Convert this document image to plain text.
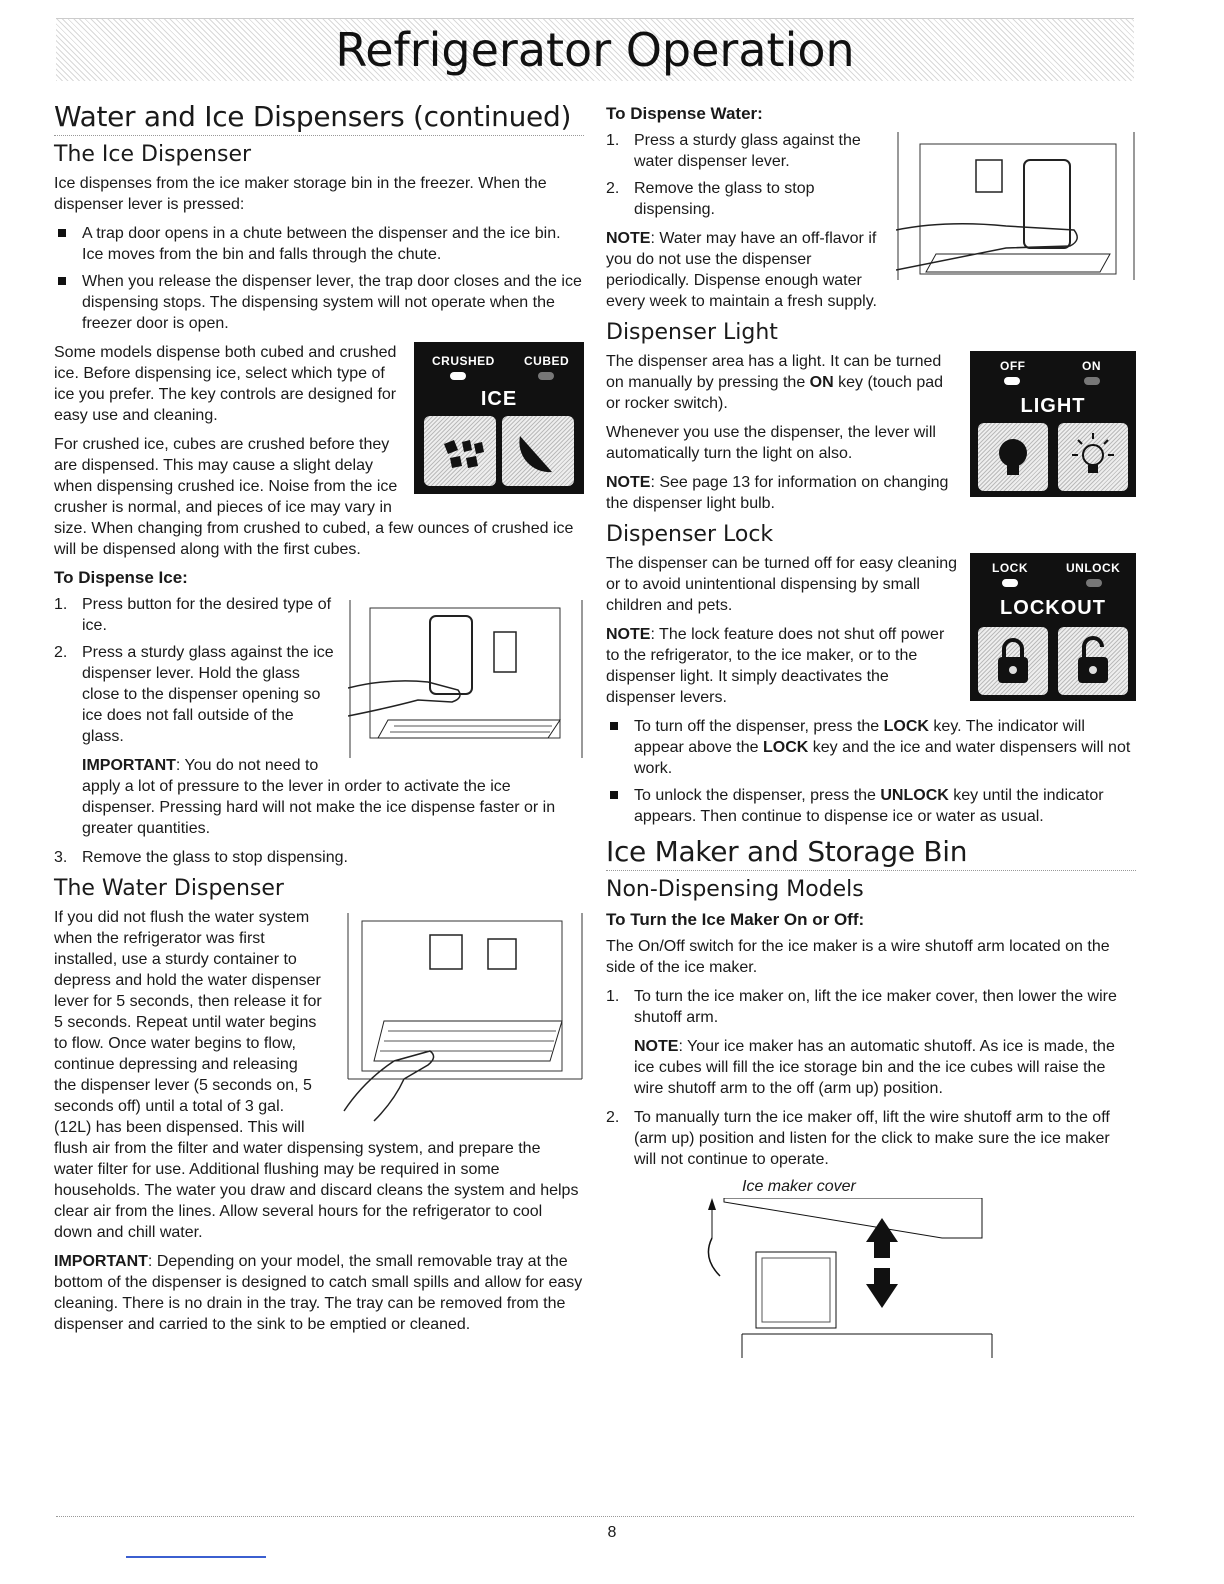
Refrigerator Operation
Water and Ice Dispensers (continued)
The Ice Dispenser

Ice dispenses from the ice maker storage bin in the freezer. When the dispenser lever is pressed:

A trap door opens in a chute between the dispenser and the ice bin. Ice moves from the bin and falls through the chute.
When you release the dispenser lever, the trap door closes and the ice dispensing stops. The dispensing system will not operate when the freezer door is open.
CRUSHED CUBED
ICE

Some models dispense both cubed and crushed ice. Before dispensing ice, select which type of ice you prefer. The key controls are designed for easy use and cleaning.

For crushed ice, cubes are crushed before they are dispensed. This may cause a slight delay when dispensing crushed ice. Noise from the ice crusher is normal, and pieces of ice may vary in size. When changing from crushed to cubed, a few ounces of crushed ice will be dispensed along with the first cubes.

To Dispense Ice:
1. Press button for the desired type of ice.
2. Press a sturdy glass against the ice dispenser lever. Hold the glass close to the dispenser opening so ice does not fall outside of the glass.

IMPORTANT: You do not need to apply a lot of pressure to the lever in order to activate the ice dispenser. Pressing hard will not make the ice dispense faster or in greater quantities.

3. Remove the glass to stop dispensing.
The Water Dispenser

If you did not flush the water system when the refrigerator was first installed, use a sturdy container to depress and hold the water dispenser lever for 5 seconds, then release it for 5 seconds. Repeat until water begins to flow. Once water begins to flow, continue depressing and releasing the dispenser lever (5 seconds on, 5 seconds off) until a total of 3 gal. (12L) has been dispensed. This will flush air from the filter and water dispensing system, and prepare the water filter for use. Additional flushing may be required in some households. The water you draw and discard cleans the system and helps clear air from the lines. Allow several hours for the refrigerator to cool down and chill water.

IMPORTANT: Depending on your model, the small removable tray at the bottom of the dispenser is designed to catch small spills and allow for easy cleaning. There is no drain in the tray. The tray can be removed from the dispenser and carried to the sink to be emptied or cleaned.

To Dispense Water:
1. Press a sturdy glass against the water dispenser lever.
2. Remove the glass to stop dispensing.

NOTE: Water may have an off-flavor if you do not use the dispenser periodically. Dispense enough water every week to maintain a fresh supply.

Dispenser Light
OFF	ON
LIGHT

The dispenser area has a light. It can be turned on manually by pressing the ON key (touch pad or rocker switch).

Whenever you use the dispenser, the lever will automatically turn the light on also.

NOTE: See page 13 for information on changing the dispenser light bulb.

Dispenser Lock
LOCK	UNLOCK
LOCKOUT

The dispenser can be turned off for easy cleaning or to avoid unintentional dispensing by small children and pets.

NOTE: The lock feature does not shut off power to the refrigerator, to the ice maker, or to the dispenser light. It simply deactivates the dispenser levers.

To turn off the dispenser, press the LOCK key. The indicator will appear above the LOCK key and the ice and water dispensers will not work.
To unlock the dispenser, press the UNLOCK key until the indicator appears. Then continue to dispense ice or water as usual.
Ice Maker and Storage Bin
Non-Dispensing Models
To Turn the Ice Maker On or Off:

The On/Off switch for the ice maker is a wire shutoff arm located on the side of the ice maker.

1. To turn the ice maker on, lift the ice maker cover, then lower the wire shutoff arm.

NOTE: Your ice maker has an automatic shutoff. As ice is made, the ice cubes will fill the ice storage bin and the ice cubes will raise the wire shutoff arm to the off (arm up) position.

2. To manually turn the ice maker off, lift the wire shutoff arm to the off (arm up) position and listen for the click to make sure the ice maker will not continue to operate.
Ice maker cover
8
